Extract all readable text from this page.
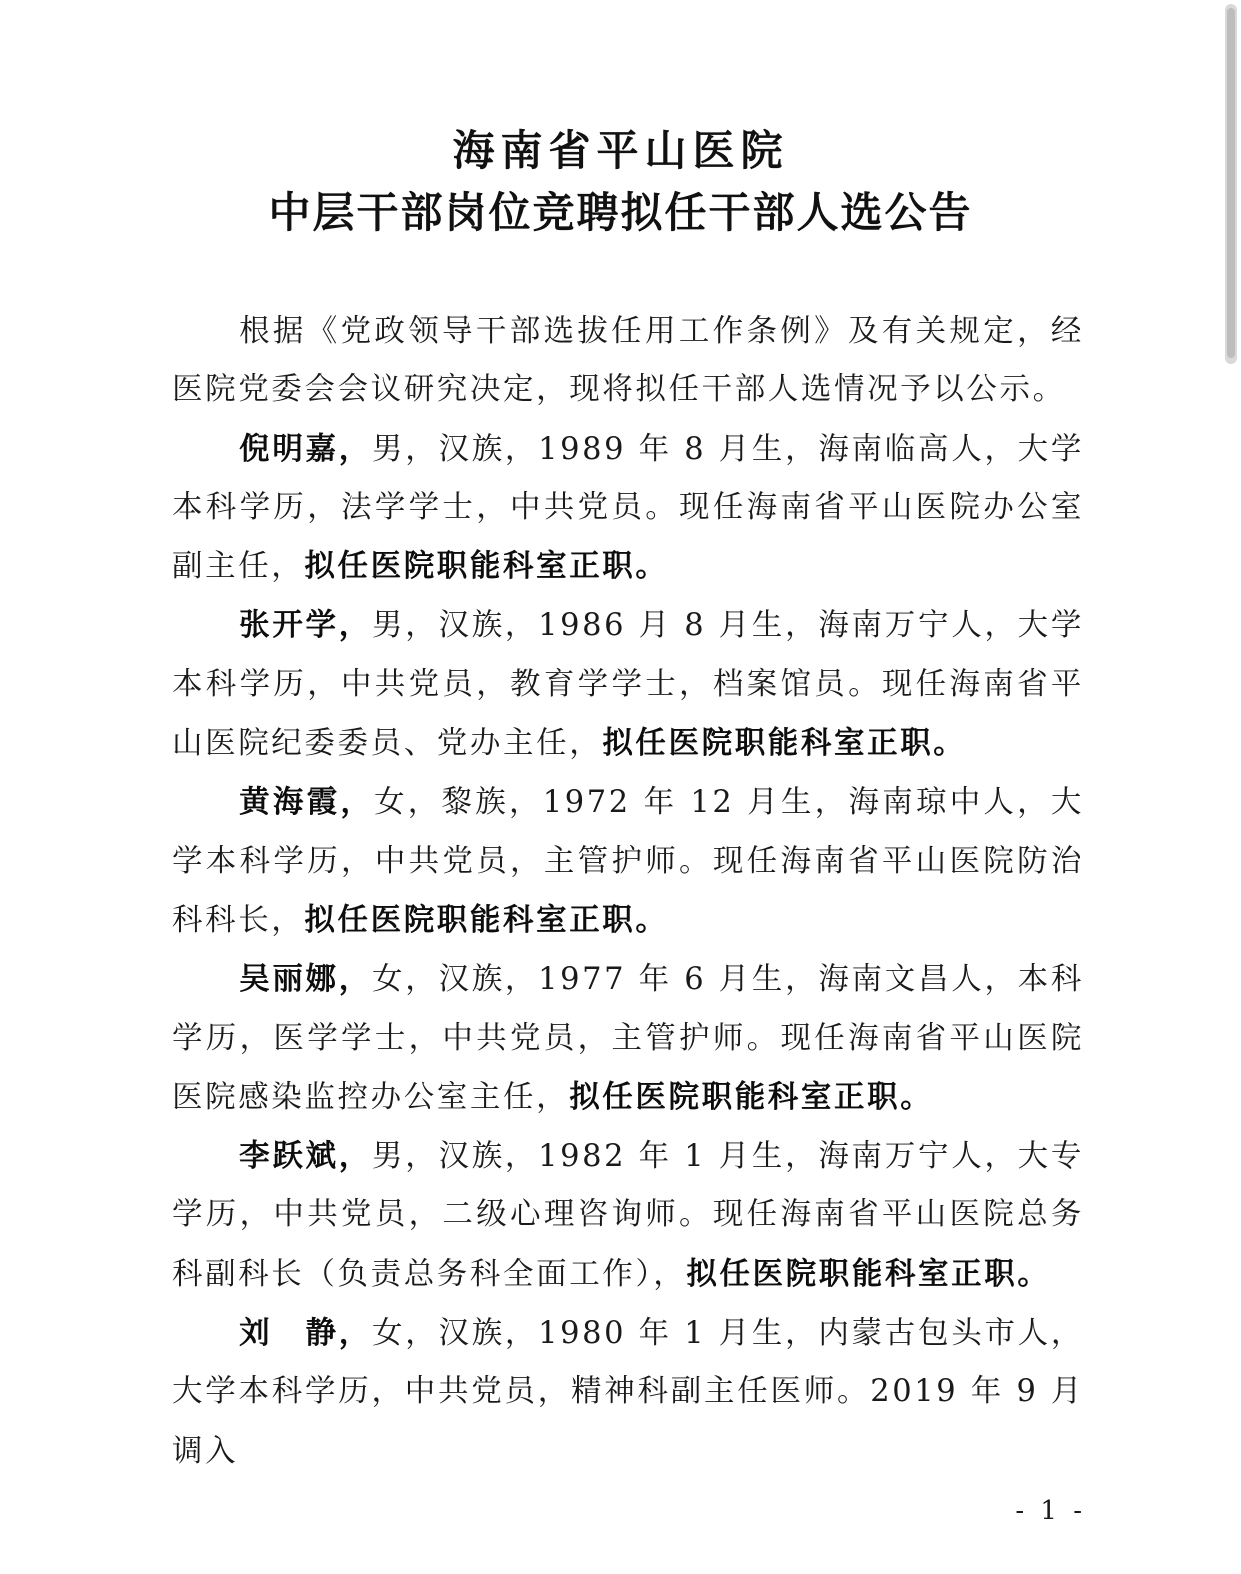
海南省平山医院
中层干部岗位竞聘拟任干部人选公告

根据《党政领导干部选拔任用工作条例》及有关规定，经医院党委会会议研究决定，现将拟任干部人选情况予以公示。

倪明嘉，男，汉族，1989 年 8 月生，海南临高人，大学本科学历，法学学士，中共党员。现任海南省平山医院办公室副主任，拟任医院职能科室正职。

张开学，男，汉族，1986 月 8 月生，海南万宁人，大学本科学历，中共党员，教育学学士，档案馆员。现任海南省平山医院纪委委员、党办主任，拟任医院职能科室正职。

黄海霞，女，黎族，1972 年 12 月生，海南琼中人，大学本科学历，中共党员，主管护师。现任海南省平山医院防治科科长，拟任医院职能科室正职。

吴丽娜，女，汉族，1977 年 6 月生，海南文昌人，本科学历，医学学士，中共党员，主管护师。现任海南省平山医院医院感染监控办公室主任，拟任医院职能科室正职。

李跃斌，男，汉族，1982 年 1 月生，海南万宁人，大专学历，中共党员，二级心理咨询师。现任海南省平山医院总务科副科长（负责总务科全面工作），拟任医院职能科室正职。

刘　静，女，汉族，1980 年 1 月生，内蒙古包头市人，大学本科学历，中共党员，精神科副主任医师。2019 年 9 月调入

- 1 -
